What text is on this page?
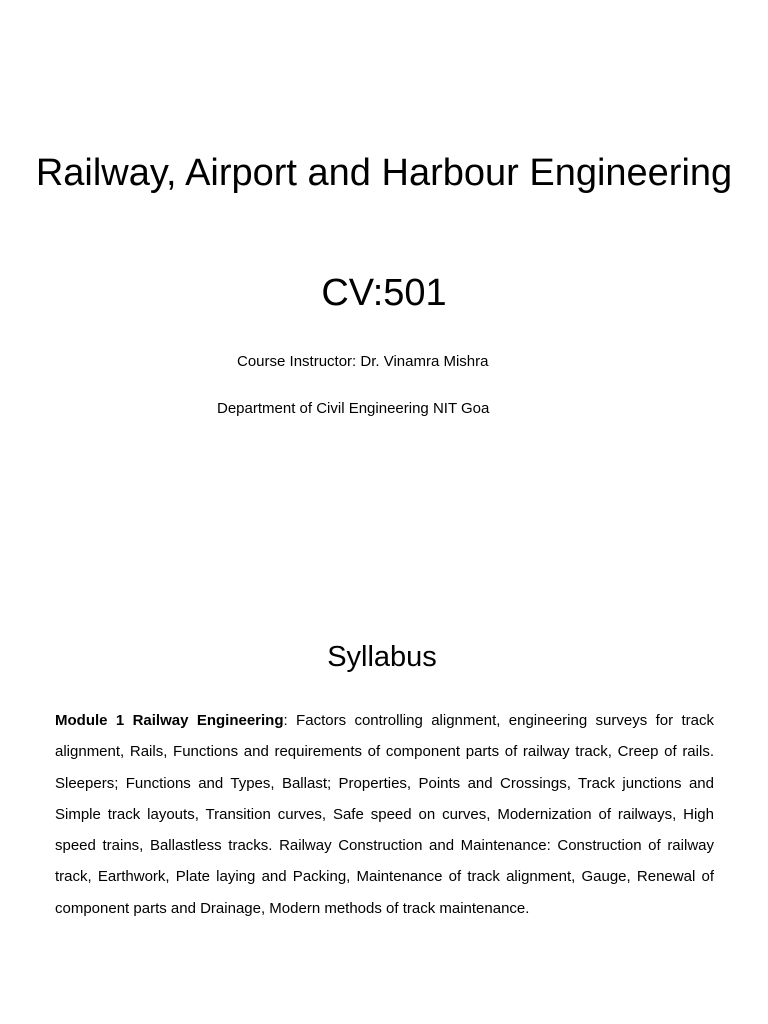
Railway, Airport and Harbour Engineering
CV:501
Course Instructor: Dr. Vinamra Mishra
Department of Civil Engineering NIT Goa
Syllabus

Module 1 Railway Engineering: Factors controlling alignment, engineering surveys for track alignment, Rails, Functions and requirements of component parts of railway track, Creep of rails. Sleepers; Functions and Types, Ballast; Properties, Points and Crossings, Track junctions and Simple track layouts, Transition curves, Safe speed on curves, Modernization of railways, High speed trains, Ballastless tracks. Railway Construction and Maintenance: Construction of railway track, Earthwork, Plate laying and Packing, Maintenance of track alignment, Gauge, Renewal of component parts and Drainage, Modern methods of track maintenance.
